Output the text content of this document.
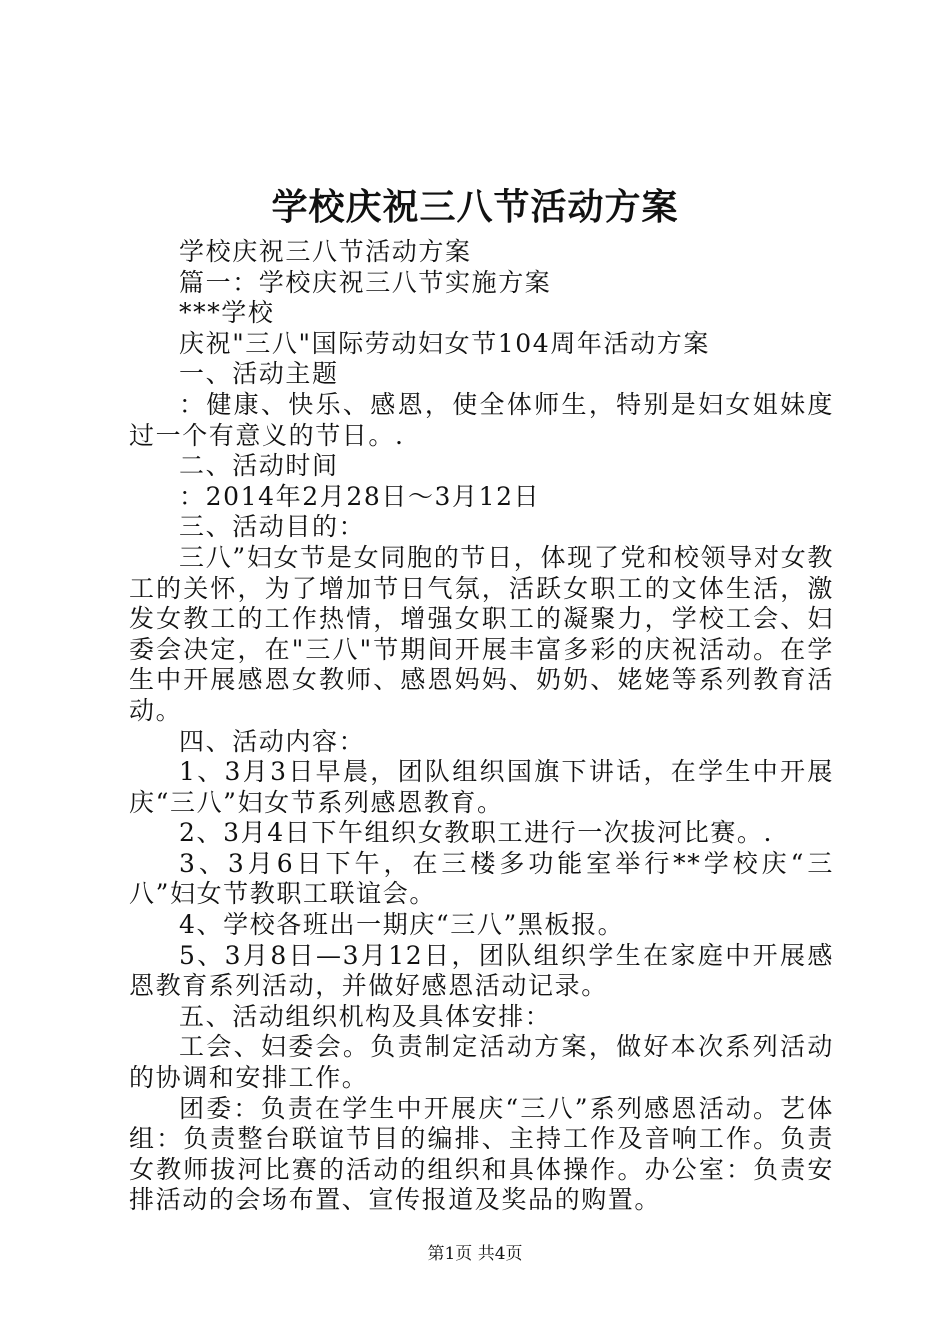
学校庆祝三八节活动方案

学校庆祝三八节活动方案

篇一：学校庆祝三八节实施方案

***学校

庆祝"三八"国际劳动妇女节104周年活动方案

一、活动主题

：健康、快乐、感恩，使全体师生，特别是妇女姐妹度过一个有意义的节日。.

二、活动时间

：2014年2月28日～3月12日

三、活动目的：

三八”妇女节是女同胞的节日，体现了党和校领导对女教工的关怀，为了增加节日气氛，活跃女职工的文体生活，激发女教工的工作热情，增强女职工的凝聚力，学校工会、妇委会决定，在"三八"节期间开展丰富多彩的庆祝活动。在学生中开展感恩女教师、感恩妈妈、奶奶、姥姥等系列教育活动。

四、活动内容：

1、3月3日早晨，团队组织国旗下讲话，在学生中开展庆“三八”妇女节系列感恩教育。

2、3月4日下午组织女教职工进行一次拔河比赛。.

3、3月6日下午，在三楼多功能室举行**学校庆“三八”妇女节教职工联谊会。

4、学校各班出一期庆“三八”黑板报。

5、3月8日—3月12日，团队组织学生在家庭中开展感恩教育系列活动，并做好感恩活动记录。

五、活动组织机构及具体安排：

工会、妇委会。负责制定活动方案，做好本次系列活动的协调和安排工作。

团委：负责在学生中开展庆“三八”系列感恩活动。艺体组：负责整台联谊节目的编排、主持工作及音响工作。负责女教师拔河比赛的活动的组织和具体操作。办公室：负责安排活动的会场布置、宣传报道及奖品的购置。

第1页 共4页
